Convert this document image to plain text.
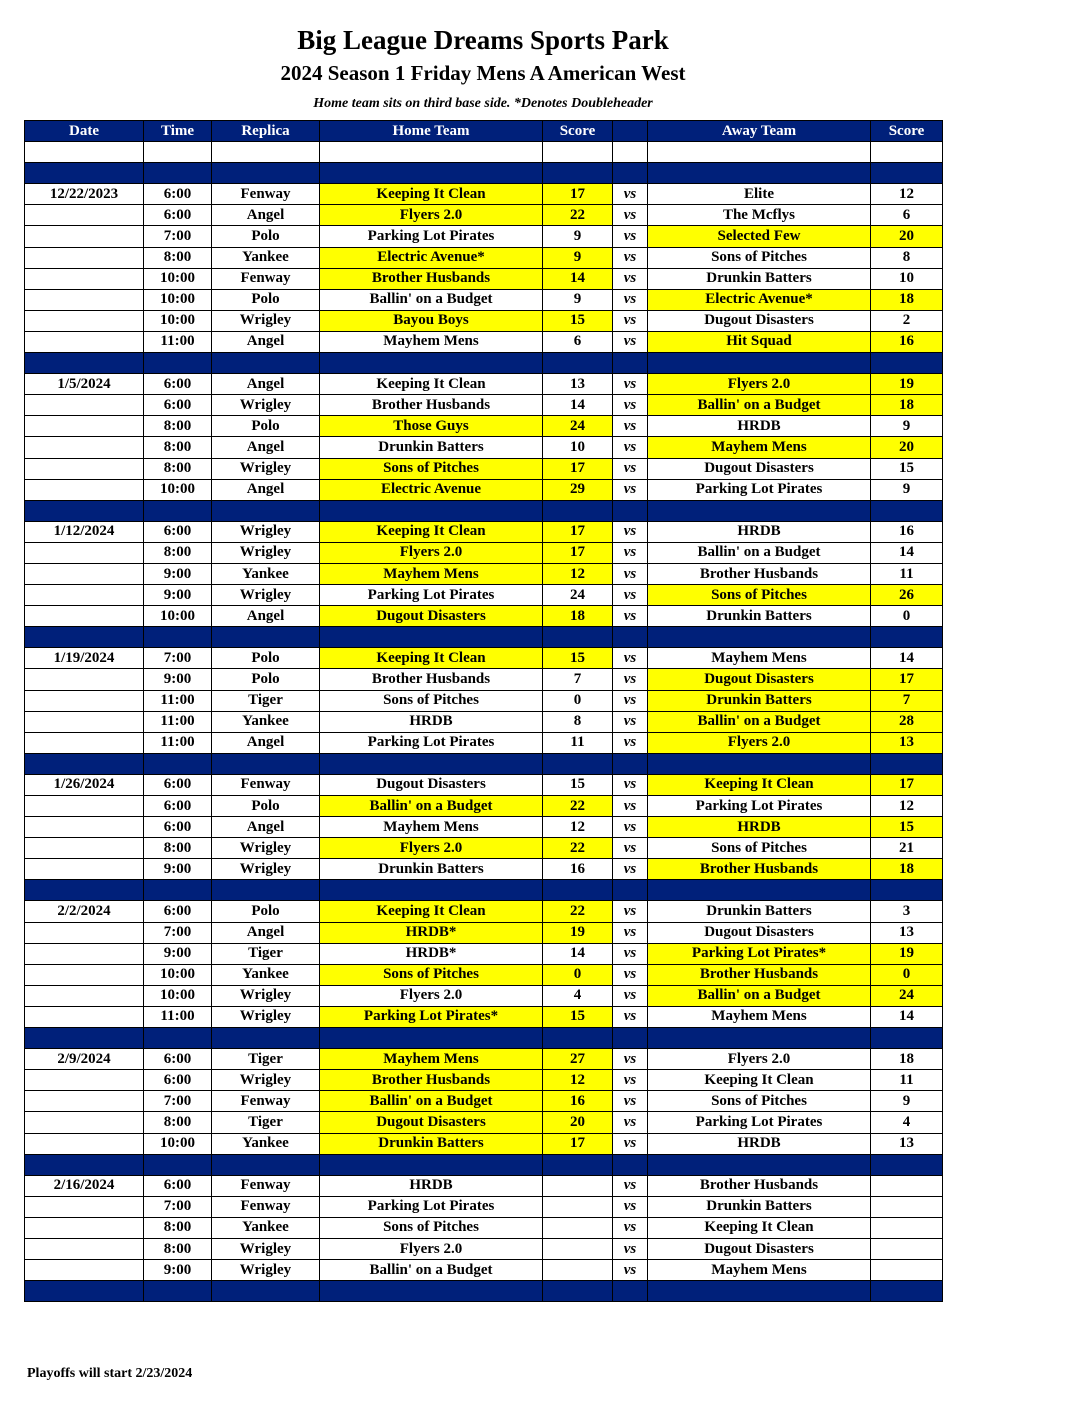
Big League Dreams Sports Park
2024 Season 1 Friday Mens A American West
Home team sits on third base side. *Denotes Doubleheader
Date	Time	Replica	Home Team	Score		Away Team	Score

12/22/2023	6:00	Fenway	Keeping It Clean	17	vs	Elite	12
	6:00	Angel	Flyers 2.0	22	vs	The Mcflys	6
	7:00	Polo	Parking Lot Pirates	9	vs	Selected Few	20
	8:00	Yankee	Electric Avenue*	9	vs	Sons of Pitches	8
	10:00	Fenway	Brother Husbands	14	vs	Drunkin Batters	10
	10:00	Polo	Ballin' on a Budget	9	vs	Electric Avenue*	18
	10:00	Wrigley	Bayou Boys	15	vs	Dugout Disasters	2
	11:00	Angel	Mayhem Mens	6	vs	Hit Squad	16

1/5/2024	6:00	Angel	Keeping It Clean	13	vs	Flyers 2.0	19
	6:00	Wrigley	Brother Husbands	14	vs	Ballin' on a Budget	18
	8:00	Polo	Those Guys	24	vs	HRDB	9
	8:00	Angel	Drunkin Batters	10	vs	Mayhem Mens	20
	8:00	Wrigley	Sons of Pitches	17	vs	Dugout Disasters	15
	10:00	Angel	Electric Avenue	29	vs	Parking Lot Pirates	9

1/12/2024	6:00	Wrigley	Keeping It Clean	17	vs	HRDB	16
	8:00	Wrigley	Flyers 2.0	17	vs	Ballin' on a Budget	14
	9:00	Yankee	Mayhem Mens	12	vs	Brother Husbands	11
	9:00	Wrigley	Parking Lot Pirates	24	vs	Sons of Pitches	26
	10:00	Angel	Dugout Disasters	18	vs	Drunkin Batters	0

1/19/2024	7:00	Polo	Keeping It Clean	15	vs	Mayhem Mens	14
	9:00	Polo	Brother Husbands	7	vs	Dugout Disasters	17
	11:00	Tiger	Sons of Pitches	0	vs	Drunkin Batters	7
	11:00	Yankee	HRDB	8	vs	Ballin' on a Budget	28
	11:00	Angel	Parking Lot Pirates	11	vs	Flyers 2.0	13

1/26/2024	6:00	Fenway	Dugout Disasters	15	vs	Keeping It Clean	17
	6:00	Polo	Ballin' on a Budget	22	vs	Parking Lot Pirates	12
	6:00	Angel	Mayhem Mens	12	vs	HRDB	15
	8:00	Wrigley	Flyers 2.0	22	vs	Sons of Pitches	21
	9:00	Wrigley	Drunkin Batters	16	vs	Brother Husbands	18

2/2/2024	6:00	Polo	Keeping It Clean	22	vs	Drunkin Batters	3
	7:00	Angel	HRDB*	19	vs	Dugout Disasters	13
	9:00	Tiger	HRDB*	14	vs	Parking Lot Pirates*	19
	10:00	Yankee	Sons of Pitches	0	vs	Brother Husbands	0
	10:00	Wrigley	Flyers 2.0	4	vs	Ballin' on a Budget	24
	11:00	Wrigley	Parking Lot Pirates*	15	vs	Mayhem Mens	14

2/9/2024	6:00	Tiger	Mayhem Mens	27	vs	Flyers 2.0	18
	6:00	Wrigley	Brother Husbands	12	vs	Keeping It Clean	11
	7:00	Fenway	Ballin' on a Budget	16	vs	Sons of Pitches	9
	8:00	Tiger	Dugout Disasters	20	vs	Parking Lot Pirates	4
	10:00	Yankee	Drunkin Batters	17	vs	HRDB	13

2/16/2024	6:00	Fenway	HRDB		vs	Brother Husbands	
	7:00	Fenway	Parking Lot Pirates		vs	Drunkin Batters	
	8:00	Yankee	Sons of Pitches		vs	Keeping It Clean	
	8:00	Wrigley	Flyers 2.0		vs	Dugout Disasters	
	9:00	Wrigley	Ballin' on a Budget		vs	Mayhem Mens	

Playoffs will start 2/23/2024
